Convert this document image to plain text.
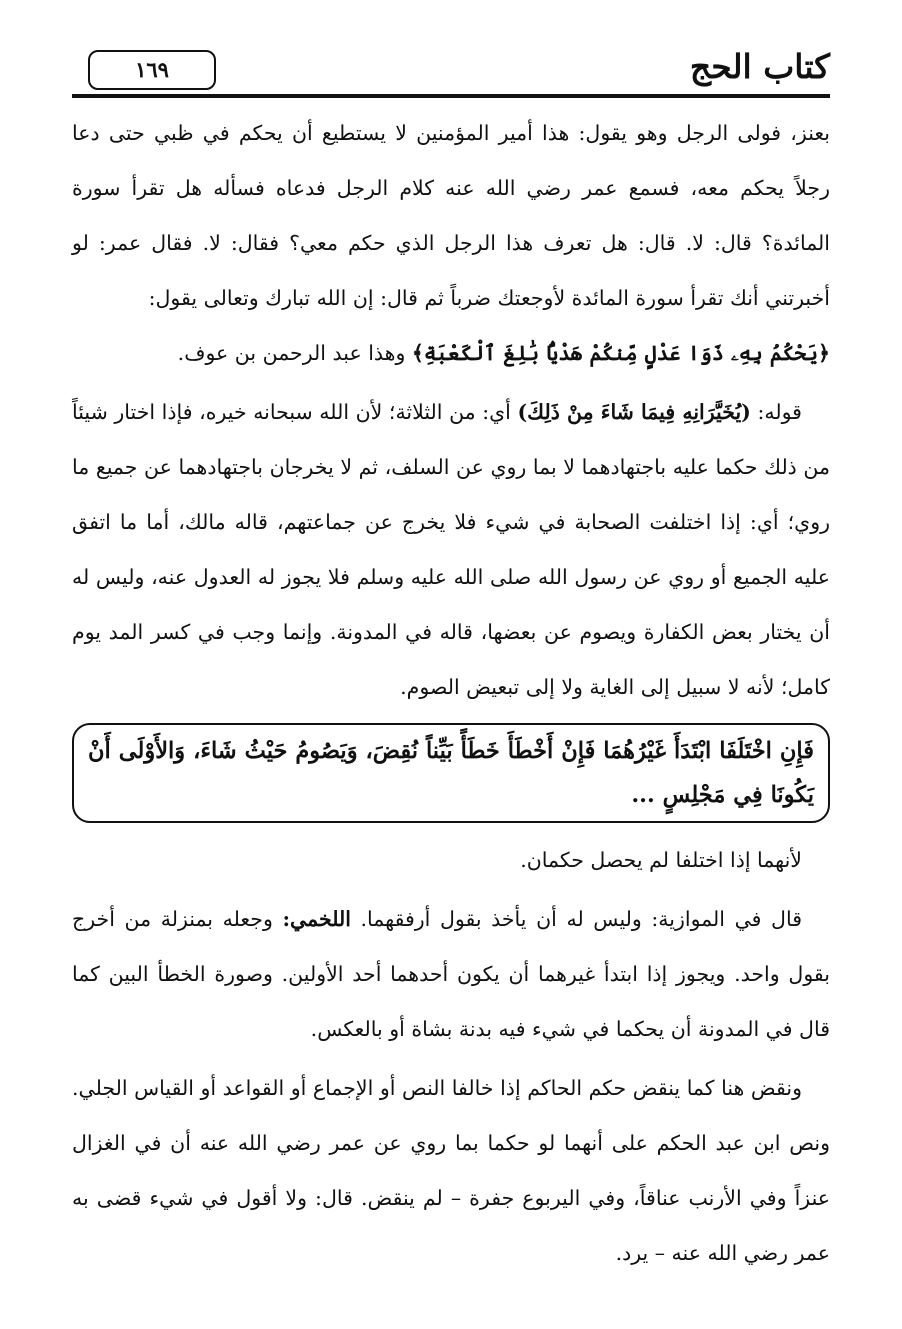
كتاب الحج
١٦٩

بعنز، فولى الرجل وهو يقول: هذا أمير المؤمنين لا يستطيع أن يحكم في ظبي حتى دعا رجلاً يحكم معه، فسمع عمر رضي الله عنه كلام الرجل فدعاه فسأله هل تقرأ سورة المائدة؟ قال: لا. قال: هل تعرف هذا الرجل الذي حكم معي؟ فقال: لا. فقال عمر: لو أخبرتني أنك تقرأ سورة المائدة لأوجعتك ضرباً ثم قال: إن الله تبارك وتعالى يقول:
﴿يَحْكُمُ بِهِۦ ذَوَا عَدْلٍ مِّنكُمْ هَدْيًۢا بَٰلِغَ ٱلْكَعْبَةِ﴾ وهذا عبد الرحمن بن عوف.

قوله: (يُخَيَّرَانِهِ فِيمَا شَاءَ مِنْ ذَلِكَ) أي: من الثلاثة؛ لأن الله سبحانه خيره، فإذا اختار شيئاً من ذلك حكما عليه باجتهادهما لا بما روي عن السلف، ثم لا يخرجان باجتهادهما عن جميع ما روي؛ أي: إذا اختلفت الصحابة في شيء فلا يخرج عن جماعتهم، قاله مالك، أما ما اتفق عليه الجميع أو روي عن رسول الله صلى الله عليه وسلم فلا يجوز له العدول عنه، وليس له أن يختار بعض الكفارة ويصوم عن بعضها، قاله في المدونة. وإنما وجب في كسر المد يوم كامل؛ لأنه لا سبيل إلى الغاية ولا إلى تبعيض الصوم.

فَإِنِ اخْتَلَفَا ابْتَدَأَ غَيْرُهُمَا فَإِنْ أَخْطَأَ خَطَأً بَيِّناً نُقِضَ، وَيَصُومُ حَيْثُ شَاءَ، وَالأَوْلَى أَنْ يَكُونَا فِي مَجْلِسٍ ...

لأنهما إذا اختلفا لم يحصل حكمان.

قال في الموازية: وليس له أن يأخذ بقول أرفقهما. اللخمي: وجعله بمنزلة من أخرج بقول واحد. ويجوز إذا ابتدأ غيرهما أن يكون أحدهما أحد الأولين. وصورة الخطأ البين كما قال في المدونة أن يحكما في شيء فيه بدنة بشاة أو بالعكس.

ونقض هنا كما ينقض حكم الحاكم إذا خالفا النص أو الإجماع أو القواعد أو القياس الجلي. ونص ابن عبد الحكم على أنهما لو حكما بما روي عن عمر رضي الله عنه أن في الغزال عنزاً وفي الأرنب عناقاً، وفي اليربوع جفرة – لم ينقض. قال: ولا أقول في شيء قضى به عمر رضي الله عنه – يرد.
